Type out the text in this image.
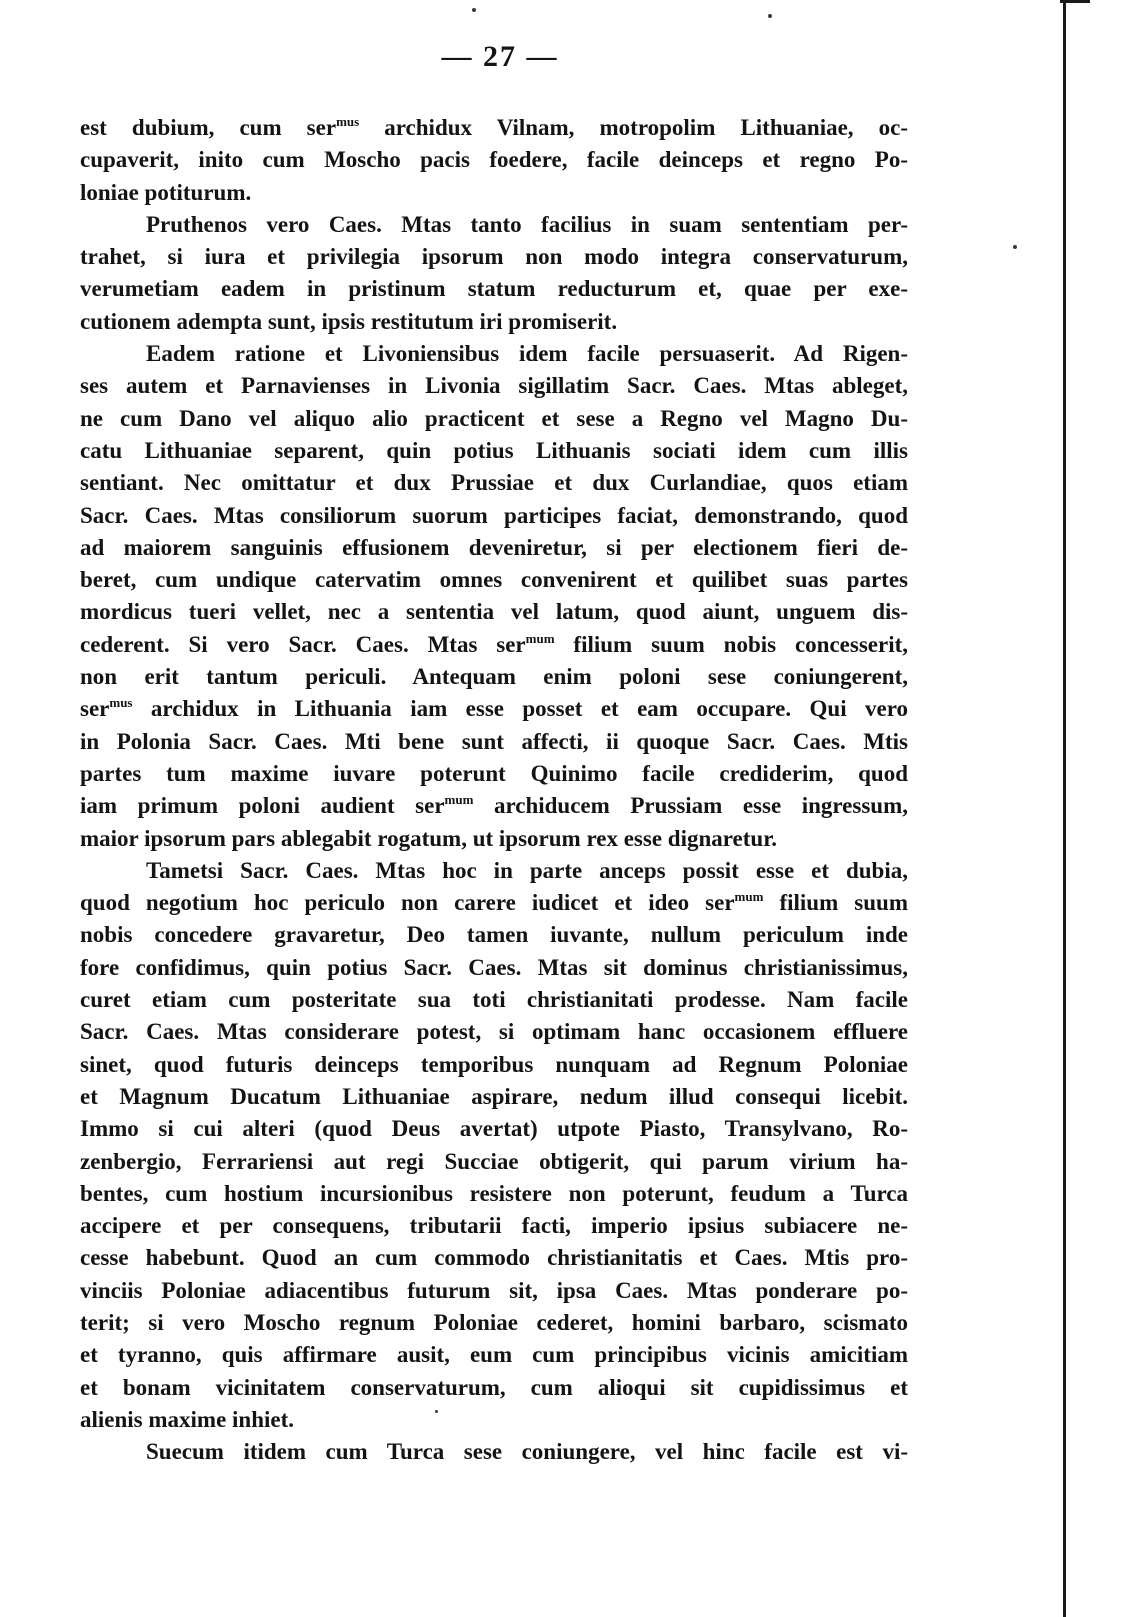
— 27 —
est dubium, cum ser$^{mus}$ archidux Vilnam, motropolim Lithuaniae, oc-
cupaverit, inito cum Moscho pacis foedere, facile deinceps et regno Po-
loniae potiturum.
Pruthenos vero Caes. Mtas tanto facilius in suam sententiam per-
trahet, si iura et privilegia ipsorum non modo integra conservaturum,
verumetiam eadem in pristinum statum reducturum et, quae per exe-
cutionem adempta sunt, ipsis restitutum iri promiserit.
Eadem ratione et Livoniensibus idem facile persuaserit. Ad Rigen-
ses autem et Parnavienses in Livonia sigillatim Sacr. Caes. Mtas ableget,
ne cum Dano vel aliquo alio practicent et sese a Regno vel Magno Du-
catu Lithuaniae separent, quin potius Lithuanis sociati idem cum illis
sentiant. Nec omittatur et dux Prussiae et dux Curlandiae, quos etiam
Sacr. Caes. Mtas consiliorum suorum participes faciat, demonstrando, quod
ad maiorem sanguinis effusionem deveniretur, si per electionem fieri de-
beret, cum undique catervatim omnes convenirent et quilibet suas partes
mordicus tueri vellet, nec a sententia vel latum, quod aiunt, unguem dis-
cederent. Si vero Sacr. Caes. Mtas ser$^{mum}$ filium suum nobis concesserit,
non erit tantum periculi. Antequam enim poloni sese coniungerent,
ser$^{mus}$ archidux in Lithuania iam esse posset et eam occupare. Qui vero
in Polonia Sacr. Caes. Mti bene sunt affecti, ii quoque Sacr. Caes. Mtis
partes tum maxime iuvare poterunt Quinimo facile crediderim, quod
iam primum poloni audient ser$^{mum}$ archiducem Prussiam esse ingressum,
maior ipsorum pars ablegabit rogatum, ut ipsorum rex esse dignaretur.
Tametsi Sacr. Caes. Mtas hoc in parte anceps possit esse et dubia,
quod negotium hoc periculo non carere iudicet et ideo ser$^{mum}$ filium suum
nobis concedere gravaretur, Deo tamen iuvante, nullum periculum inde
fore confidimus, quin potius Sacr. Caes. Mtas sit dominus christianissimus,
curet etiam cum posteritate sua toti christianitati prodesse. Nam facile
Sacr. Caes. Mtas considerare potest, si optimam hanc occasionem effluere
sinet, quod futuris deinceps temporibus nunquam ad Regnum Poloniae
et Magnum Ducatum Lithuaniae aspirare, nedum illud consequi licebit.
Immo si cui alteri (quod Deus avertat) utpote Piasto, Transylvano, Ro-
zenbergio, Ferrariensi aut regi Succiae obtigerit, qui parum virium ha-
bentes, cum hostium incursionibus resistere non poterunt, feudum a Turca
accipere et per consequens, tributarii facti, imperio ipsius subiacere ne-
cesse habebunt. Quod an cum commodo christianitatis et Caes. Mtis pro-
vinciis Poloniae adiacentibus futurum sit, ipsa Caes. Mtas ponderare po-
terit; si vero Moscho regnum Poloniae cederet, homini barbaro, scismato
et tyranno, quis affirmare ausit, eum cum principibus vicinis amicitiam
et bonam vicinitatem conservaturum, cum alioqui sit cupidissimus et
alienis maxime inhiet.
Suecum itidem cum Turca sese coniungere, vel hinc facile est vi-
